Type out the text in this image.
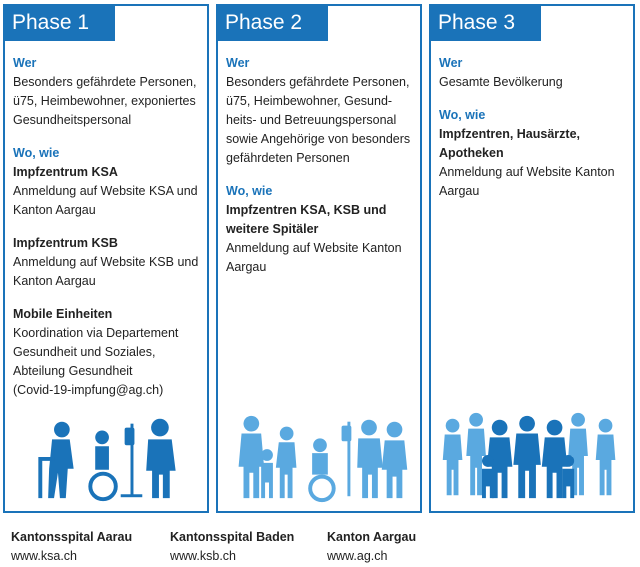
Phase 1
Wer
Besonders gefährdete Personen,
ü75, Heimbewohner, exponiertes
Gesundheitspersonal
Wo, wie
Impfzentrum KSA
Anmeldung auf Website KSA und
Kanton Aargau
Impfzentrum KSB
Anmeldung auf Website KSB und
Kanton Aargau
Mobile Einheiten
Koordination via Departement
Gesundheit und Soziales,
Abteilung Gesundheit
(Covid-19-impfung@ag.ch)
Phase 2
Wer
Besonders gefährdete Personen,
ü75, Heimbewohner, Gesund-
heits- und Betreuungspersonal
sowie Angehörige von besonders
gefährdeten Personen
Wo, wie
Impfzentren KSA, KSB und
weitere Spitäler
Anmeldung auf Website Kanton
Aargau
Phase 3
Wer
Gesamte Bevölkerung
Wo, wie
Impfzentren, Hausärzte,
Apotheken
Anmeldung auf Website Kanton
Aargau
Kantonsspital Aarau
www.ksa.ch
Kantonsspital Baden
www.ksb.ch
Kanton Aargau
www.ag.ch
